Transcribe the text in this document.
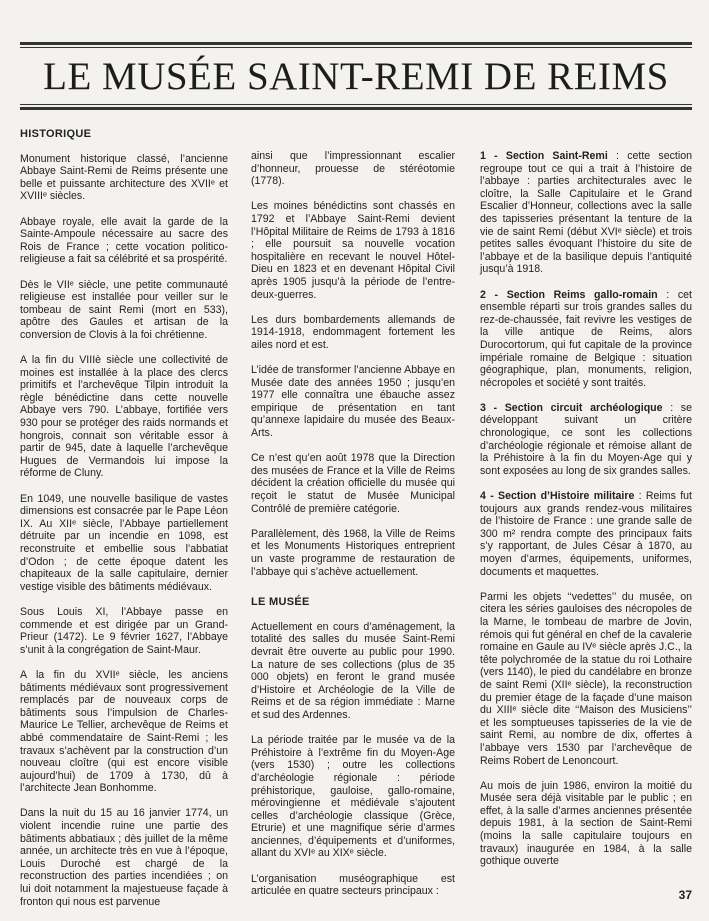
LE MUSÉE SAINT-REMI DE REIMS
HISTORIQUE

Monument historique classé, l’ancienne Abbaye Saint-Remi de Reims présente une belle et puissante architecture des XVIIᵉ et XVIIIᵉ siècles.

Abbaye royale, elle avait la garde de la Sainte-Ampoule nécessaire au sacre des Rois de France ; cette vocation politico-religieuse a fait sa célébrité et sa prospérité.

Dès le VIIᵉ siècle, une petite communauté religieuse est installée pour veiller sur le tombeau de saint Remi (mort en 533), apôtre des Gaules et artisan de la conversion de Clovis à la foi chrétienne.

A la fin du VIIIè siècle une collectivité de moines est installée à la place des clercs primitifs et l’archevêque Tilpin introduit la règle bénédictine dans cette nouvelle Abbaye vers 790. L’abbaye, fortifiée vers 930 pour se protéger des raids normands et hongrois, connait son véritable essor à partir de 945, date à laquelle l’archevêque Hugues de Vermandois lui impose la réforme de Cluny.

En 1049, une nouvelle basilique de vastes dimensions est consacrée par le Pape Léon IX. Au XIIᵉ siècle, l’Abbaye partiellement détruite par un incendie en 1098, est reconstruite et embellie sous l’abbatiat d’Odon ; de cette époque datent les chapiteaux de la salle capitulaire, dernier vestige visible des bâtiments médiévaux.

Sous Louis XI, l’Abbaye passe en commende et est dirigée par un Grand-Prieur (1472). Le 9 février 1627, l’Abbaye s’unit à la congrégation de Saint-Maur.

A la fin du XVIIᵉ siècle, les anciens bâtiments médiévaux sont progressivement remplacés par de nouveaux corps de bâtiments sous l’impulsion de Charles-Maurice Le Tellier, archevêque de Reims et abbé commendataire de Saint-Remi ; les travaux s’achèvent par la construction d’un nouveau cloître (qui est encore visible aujourd’hui) de 1709 à 1730, dû à l’architecte Jean Bonhomme.

Dans la nuit du 15 au 16 janvier 1774, un violent incendie ruine une partie des bâtiments abbatiaux ; dès juillet de la même année, un architecte très en vue à l’époque, Louis Duroché est chargé de la reconstruction des parties incendiées ; on lui doit notamment la majestueuse façade à fronton qui nous est parvenue

ainsi que l’impressionnant escalier d’honneur, prouesse de stéréotomie (1778).

Les moines bénédictins sont chassés en 1792 et l’Abbaye Saint-Remi devient l’Hôpital Militaire de Reims de 1793 à 1816 ; elle poursuit sa nouvelle vocation hospitalière en recevant le nouvel Hôtel-Dieu en 1823 et en devenant Hôpital Civil après 1905 jusqu’à la période de l’entre-deux-guerres.

Les durs bombardements allemands de 1914-1918, endommagent fortement les ailes nord et est.

L’idée de transformer l’ancienne Abbaye en Musée date des années 1950 ; jusqu’en 1977 elle connaîtra une ébauche assez empirique de présentation en tant qu’annexe lapidaire du musée des Beaux-Arts.

Ce n’est qu’en août 1978 que la Direction des musées de France et la Ville de Reims décident la création officielle du musée qui reçoit le statut de Musée Municipal Contrôlé de première catégorie.

Parallèlement, dès 1968, la Ville de Reims et les Monuments Historiques entreprient un vaste programme de restauration de l’abbaye qui s’achève actuellement.

LE MUSÉE

Actuellement en cours d’aménagement, la totalité des salles du musée Saint-Remi devrait être ouverte au public pour 1990. La nature de ses collections (plus de 35 000 objets) en feront le grand musée d’Histoire et Archéologie de la Ville de Reims et de sa région immédiate : Marne et sud des Ardennes.

La période traitée par le musée va de la Préhistoire à l’extrême fin du Moyen-Age (vers 1530) ; outre les collections d’archéologie régionale : période préhistorique, gauloise, gallo-romaine, mérovingienne et médiévale s’ajoutent celles d’archéologie classique (Grèce, Etrurie) et une magnifique série d’armes anciennes, d’équipements et d’uniformes, allant du XVIᵉ au XIXᵉ siècle.

L’organisation muséographique est articulée en quatre secteurs principaux :

1 - Section Saint-Remi : cette section regroupe tout ce qui a trait à l’histoire de l’abbaye : parties architecturales avec le cloître, la Salle Capitulaire et le Grand Escalier d’Honneur, collections avec la salle des tapisseries présentant la tenture de la vie de saint Remi (début XVIᵉ siècle) et trois petites salles évoquant l’histoire du site de l’abbaye et de la basilique depuis l’antiquité jusqu’à 1918.

2 - Section Reims gallo-romain : cet ensemble réparti sur trois grandes salles du rez-de-chaussée, fait revivre les vestiges de la ville antique de Reims, alors Durocortorum, qui fut capitale de la province impériale romaine de Belgique : situation géographique, plan, monuments, religion, nécropoles et société y sont traités.

3 - Section circuit archéologique : se développant suivant un critère chronologique, ce sont les collections d’archéologie régionale et rémoise allant de la Préhistoire à la fin du Moyen-Age qui y sont exposées au long de six grandes salles.

4 - Section d’Histoire militaire : Reims fut toujours aux grands rendez-vous militaires de l’histoire de France : une grande salle de 300 m² rendra compte des principaux faits s’y rapportant, de Jules César à 1870, au moyen d’armes, équipements, uniformes, documents et maquettes.

Parmi les objets ‘‘vedettes’’ du musée, on citera les séries gauloises des nécropoles de la Marne, le tombeau de marbre de Jovin, rémois qui fut général en chef de la cavalerie romaine en Gaule au IVᵉ siècle après J.C., la tête polychromée de la statue du roi Lothaire (vers 1140), le pied du candélabre en bronze de saint Remi (XIIᵉ siècle), la reconstruction du premier étage de la façade d’une maison du XIIIᵉ siècle dite ‘‘Maison des Musiciens’’ et les somptueuses tapisseries de la vie de saint Remi, au nombre de dix, offertes à l’abbaye vers 1530 par l’archevêque de Reims Robert de Lenoncourt.

Au mois de juin 1986, environ la moitié du Musée sera déjà visitable par le public ; en effet, à la salle d’armes anciennes présentée depuis 1981, à la section de Saint-Remi (moins la salle capitulaire toujours en travaux) inaugurée en 1984, à la salle gothique ouverte

37
